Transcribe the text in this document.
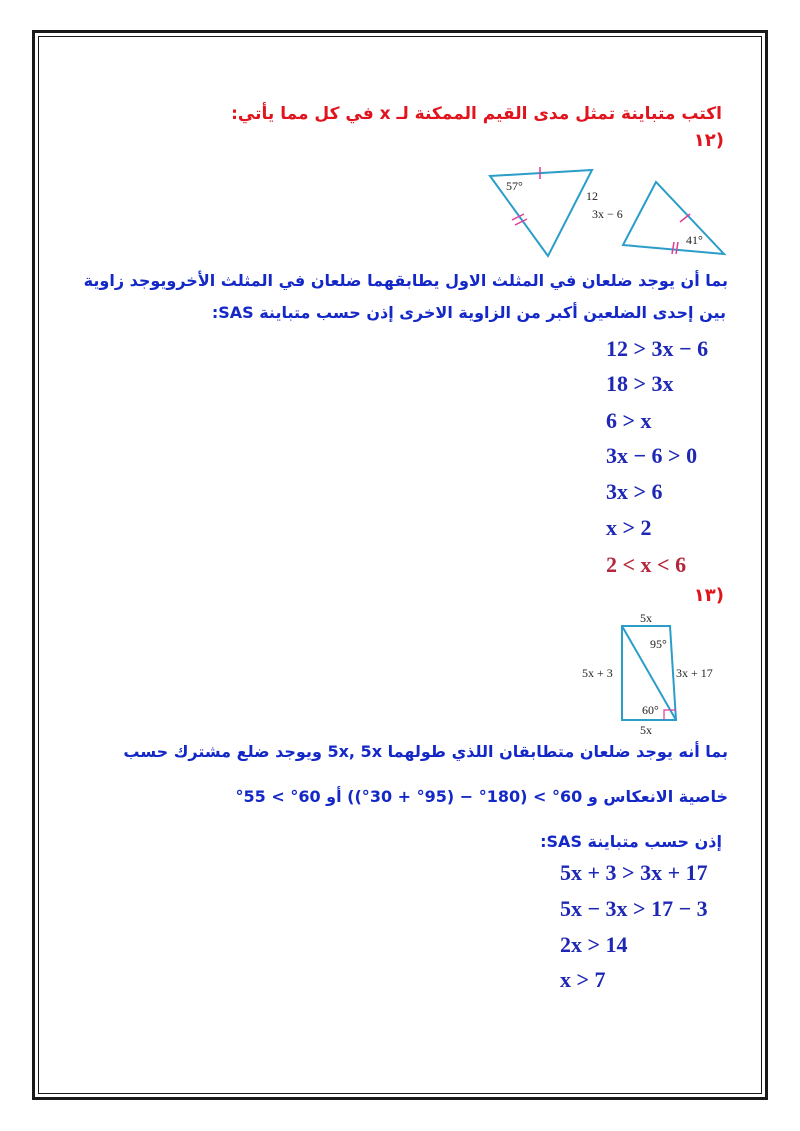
اكتب متباينة تمثل مدى القيم الممكنة لـ x في كل مما يأتي:
(١٢
57°
12
3x − 6
41°
بما أن يوجد ضلعان في المثلث الاول يطابقهما ضلعان في المثلث الأخرويوجد زاوية
بين إحدى الضلعين أكبر من الزاوية الاخرى إذن حسب متباينة SAS:
12 > 3x − 6
18 > 3x
6 > x
3x − 6 > 0
3x > 6
x > 2
2 < x < 6
(١٣
5x
95°
5x + 3	3x + 17
60°
5x
بما أنه يوجد ضلعان متطابقان اللذي طولهما 5x, 5x ويوجد ضلع مشترك حسب
خاصية الانعكاس و 60° > (180° − (95° + 30°)) أو 60° > 55°
إذن حسب متباينة SAS:
5x + 3 > 3x + 17
5x − 3x > 17 − 3
2x > 14
x > 7
